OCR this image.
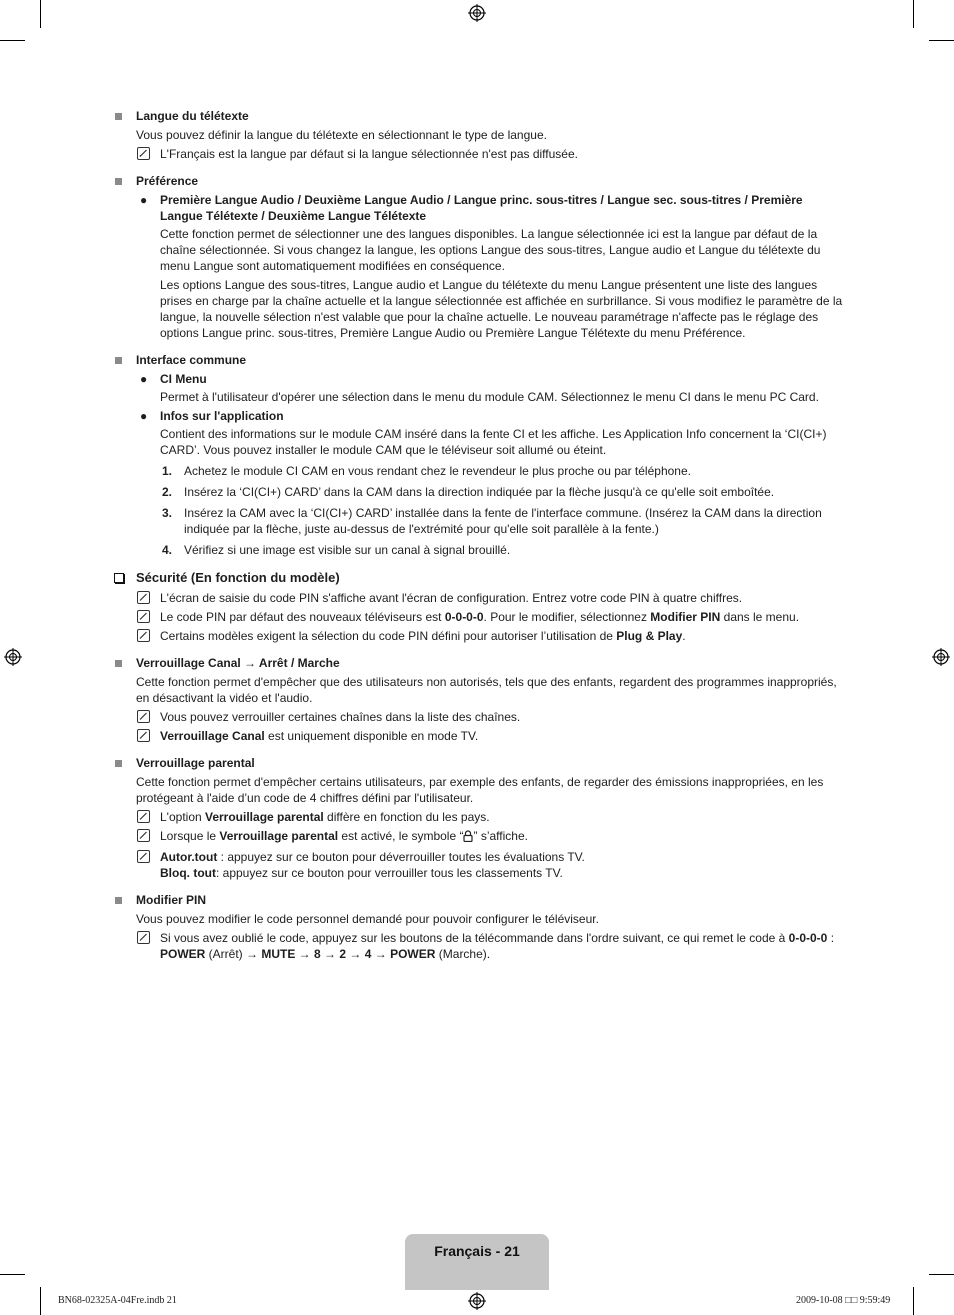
Langue du télétexte
Vous pouvez définir la langue du télétexte en sélectionnant le type de langue.
L'Français est la langue par défaut si la langue sélectionnée n'est pas diffusée.
Préférence
● Première Langue Audio / Deuxième Langue Audio / Langue princ. sous-titres / Langue sec. sous-titres / Première Langue Télétexte / Deuxième Langue Télétexte
Cette fonction permet de sélectionner une des langues disponibles. La langue sélectionnée ici est la langue par défaut de la chaîne sélectionnée. Si vous changez la langue, les options Langue des sous-titres, Langue audio et Langue du télétexte du menu Langue sont automatiquement modifiées en conséquence.
Les options Langue des sous-titres, Langue audio et Langue du télétexte du menu Langue présentent une liste des langues prises en charge par la chaîne actuelle et la langue sélectionnée est affichée en surbrillance. Si vous modifiez le paramètre de la langue, la nouvelle sélection n'est valable que pour la chaîne actuelle. Le nouveau paramétrage n'affecte pas le réglage des options Langue princ. sous-titres, Première Langue Audio ou Première Langue Télétexte du menu Préférence.
Interface commune
● CI Menu
Permet à l'utilisateur d'opérer une sélection dans le menu du module CAM. Sélectionnez le menu CI dans le menu PC Card.
● Infos sur l'application
Contient des informations sur le module CAM inséré dans la fente CI et les affiche. Les Application Info concernent la ‘CI(CI+) CARD’. Vous pouvez installer le module CAM que le téléviseur soit allumé ou éteint.
1. Achetez le module CI CAM en vous rendant chez le revendeur le plus proche ou par téléphone.
2. Insérez la ‘CI(CI+) CARD’ dans la CAM dans la direction indiquée par la flèche jusqu'à ce qu'elle soit emboîtée.
3. Insérez la CAM avec la ‘CI(CI+) CARD’ installée dans la fente de l'interface commune. (Insérez la CAM dans la direction indiquée par la flèche, juste au-dessus de l'extrémité pour qu'elle soit parallèle à la fente.)
4. Vérifiez si une image est visible sur un canal à signal brouillé.
Sécurité (En fonction du modèle)
L'écran de saisie du code PIN s'affiche avant l'écran de configuration. Entrez votre code PIN à quatre chiffres.
Le code PIN par défaut des nouveaux téléviseurs est 0-0-0-0. Pour le modifier, sélectionnez Modifier PIN dans le menu.
Certains modèles exigent la sélection du code PIN défini pour autoriser l’utilisation de Plug & Play.
Verrouillage Canal → Arrêt / Marche
Cette fonction permet d'empêcher que des utilisateurs non autorisés, tels que des enfants, regardent des programmes inappropriés, en désactivant la vidéo et l'audio.
Vous pouvez verrouiller certaines chaînes dans la liste des chaînes.
Verrouillage Canal est uniquement disponible en mode TV.
Verrouillage parental
Cette fonction permet d'empêcher certains utilisateurs, par exemple des enfants, de regarder des émissions inappropriées, en les protégeant à l'aide d’un code de 4 chiffres défini par l'utilisateur.
L'option Verrouillage parental diffère en fonction du les pays.
Lorsque le Verrouillage parental est activé, le symbole “ ” s’affiche.
Autor.tout : appuyez sur ce bouton pour déverrouiller toutes les évaluations TV.
Bloq. tout: appuyez sur ce bouton pour verrouiller tous les classements TV.
Modifier PIN
Vous pouvez modifier le code personnel demandé pour pouvoir configurer le téléviseur.
Si vous avez oublié le code, appuyez sur les boutons de la télécommande dans l'ordre suivant, ce qui remet le code à 0-0-0-0 : POWER (Arrêt) → MUTE → 8 → 2 → 4 → POWER (Marche).
Français - 21
BN68-02325A-04Fre.indb 21	2009-10-08 □□ 9:59:49
